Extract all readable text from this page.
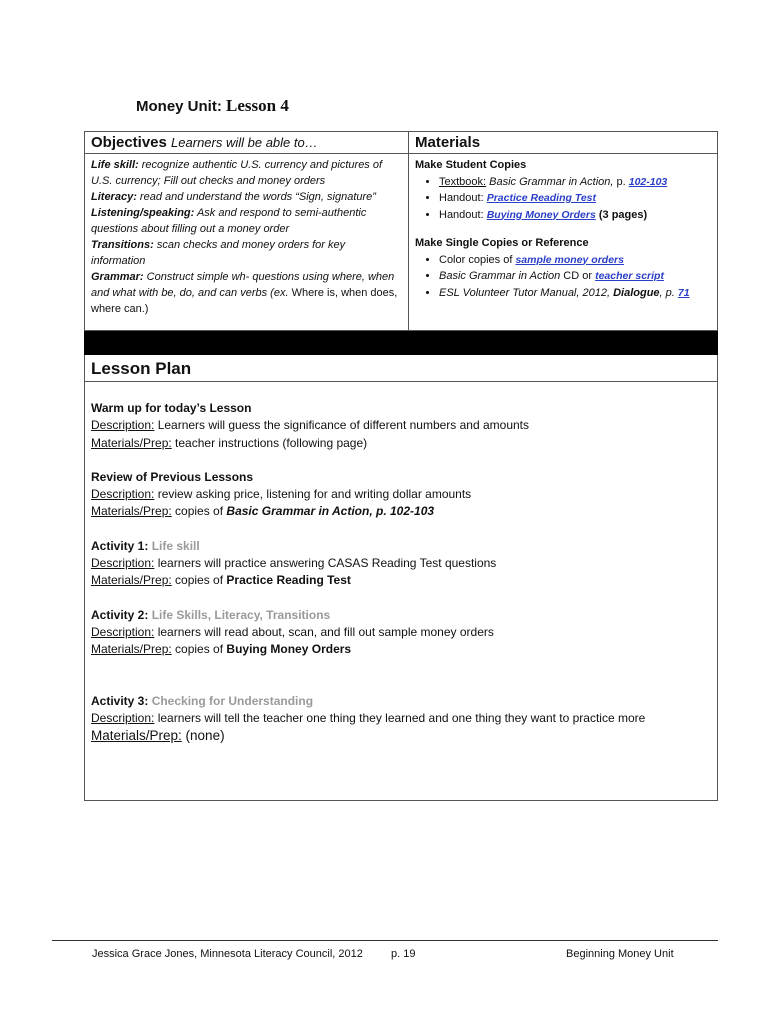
Money Unit: Lesson 4
Objectives Learners will be able to…
Life skill: recognize authentic U.S. currency and pictures of U.S. currency; Fill out checks and money orders
Literacy: read and understand the words “Sign, signature”
Listening/speaking: Ask and respond to semi-authentic questions about filling out a money order
Transitions: scan checks and money orders for key information
Grammar: Construct simple wh- questions using where, when and what with be, do, and can verbs (ex. Where is, when does, where can.)
Materials
Make Student Copies
• Textbook: Basic Grammar in Action, p. 102-103
• Handout: Practice Reading Test
• Handout: Buying Money Orders (3 pages)
Make Single Copies or Reference
• Color copies of sample money orders
• Basic Grammar in Action CD or teacher script
• ESL Volunteer Tutor Manual, 2012, Dialogue, p. 71
Lesson Plan
Warm up for today’s Lesson
Description: Learners will guess the significance of different numbers and amounts
Materials/Prep: teacher instructions (following page)
Review of Previous Lessons
Description: review asking price, listening for and writing dollar amounts
Materials/Prep: copies of Basic Grammar in Action, p. 102-103
Activity 1: Life skill
Description: learners will practice answering CASAS Reading Test questions
Materials/Prep: copies of Practice Reading Test
Activity 2: Life Skills, Literacy, Transitions
Description: learners will read about, scan, and fill out sample money orders
Materials/Prep: copies of Buying Money Orders
Activity 3: Checking for Understanding
Description: learners will tell the teacher one thing they learned and one thing they want to practice more
Materials/Prep: (none)
Jessica Grace Jones, Minnesota Literacy Council, 2012	p. 19	Beginning Money Unit
